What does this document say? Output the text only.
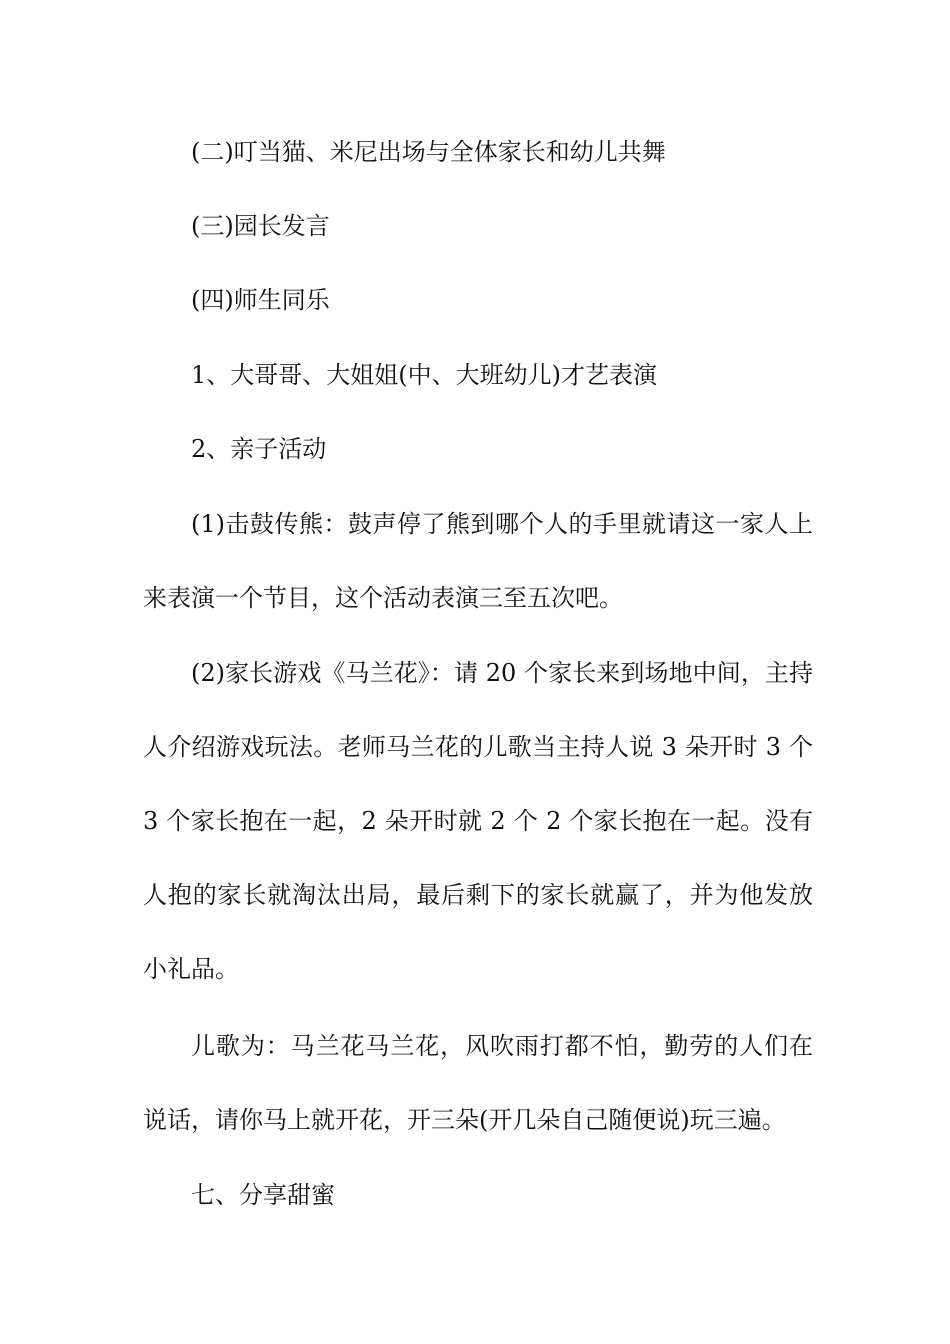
(二)叮当猫、米尼出场与全体家长和幼儿共舞

(三)园长发言

(四)师生同乐

1、大哥哥、大姐姐(中、大班幼儿)才艺表演

2、亲子活动

(1)击鼓传熊：鼓声停了熊到哪个人的手里就请这一家人上来表演一个节目，这个活动表演三至五次吧。

(2)家长游戏《马兰花》：请 20 个家长来到场地中间，主持人介绍游戏玩法。老师马兰花的儿歌当主持人说 3 朵开时 3 个 3 个家长抱在一起，2 朵开时就 2 个 2 个家长抱在一起。没有人抱的家长就淘汰出局，最后剩下的家长就赢了，并为他发放小礼品。

儿歌为：马兰花马兰花，风吹雨打都不怕，勤劳的人们在说话，请你马上就开花，开三朵(开几朵自己随便说)玩三遍。

七、分享甜蜜
